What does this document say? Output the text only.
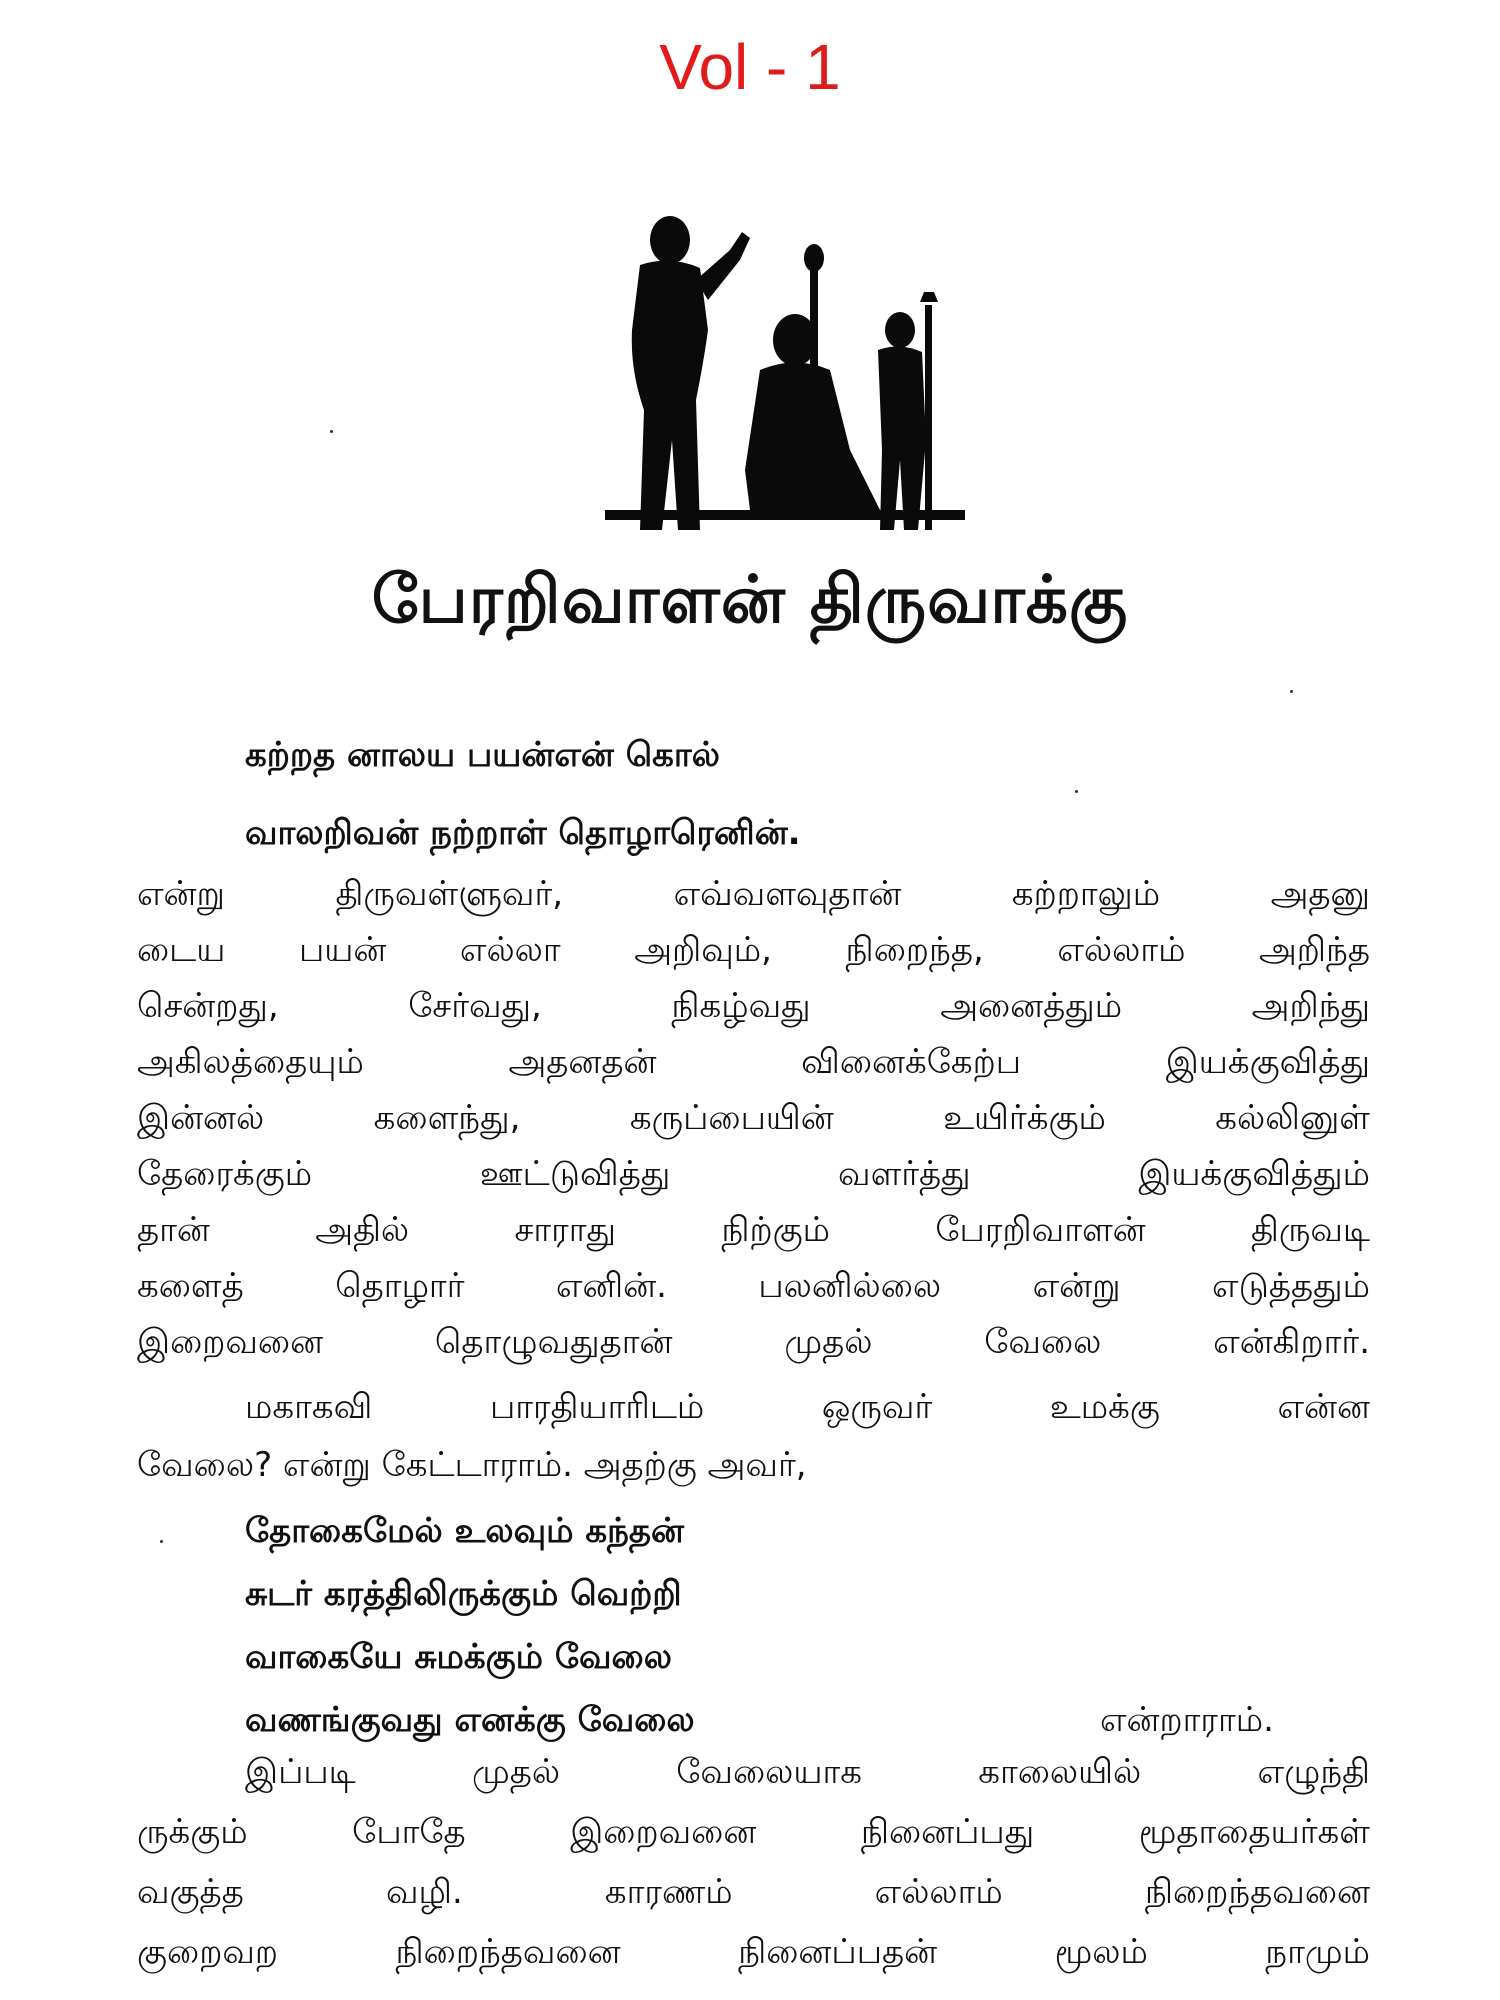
Vol - 1
பேரறிவாளன் திருவாக்கு
கற்றத னாலய பயன்என் கொல்
வாலறிவன் நற்றாள் தொழாரெனின்.
என்று திருவள்ளுவர், எவ்வளவுதான் கற்றாலும் அதனு
டைய பயன் எல்லா அறிவும், நிறைந்த, எல்லாம் அறிந்த
சென்றது, சேர்வது, நிகழ்வது அனைத்தும் அறிந்து
அகிலத்தையும் அதனதன் வினைக்கேற்ப இயக்குவித்து
இன்னல் களைந்து, கருப்பையின் உயிர்க்கும் கல்லினுள்
தேரைக்கும் ஊட்டுவித்து வளர்த்து இயக்குவித்தும்
தான் அதில் சாராது நிற்கும் பேரறிவாளன் திருவடி
களைத் தொழார் எனின். பலனில்லை என்று எடுத்ததும்
இறைவனை தொழுவதுதான் முதல் வேலை என்கிறார்.
மகாகவி பாரதியாரிடம் ஒருவர் உமக்கு என்ன
வேலை? என்று கேட்டாராம். அதற்கு அவர்,
தோகைமேல் உலவும் கந்தன்
சுடர் கரத்திலிருக்கும் வெற்றி
வாகையே சுமக்கும் வேலை
வணங்குவது எனக்கு வேலை	என்றாராம்.
இப்படி முதல் வேலையாக காலையில் எழுந்தி
ருக்கும் போதே இறைவனை நினைப்பது மூதாதையர்கள்
வகுத்த வழி. காரணம் எல்லாம் நிறைந்தவனை
குறைவற நிறைந்தவனை நினைப்பதன் மூலம் நாமும்
